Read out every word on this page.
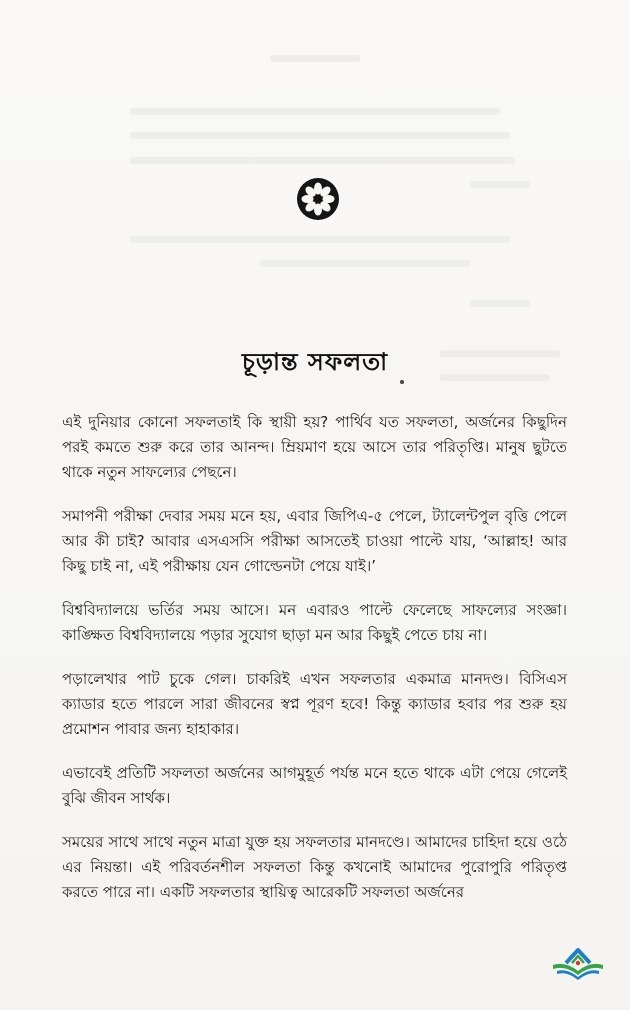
চূড়ান্ত সফলতা

এই দুনিয়ার কোনো সফলতাই কি স্থায়ী হয়? পার্থিব যত সফলতা, অর্জনের কিছুদিন পরই কমতে শুরু করে তার আনন্দ। ম্রিয়মাণ হয়ে আসে তার পরিতৃপ্তি। মানুষ ছুটতে থাকে নতুন সাফল্যের পেছনে।

সমাপনী পরীক্ষা দেবার সময় মনে হয়, এবার জিপিএ-৫ পেলে, ট্যালেন্টপুল বৃত্তি পেলে আর কী চাই? আবার এসএসসি পরীক্ষা আসতেই চাওয়া পাল্টে যায়, ‘আল্লাহ! আর কিছু চাই না, এই পরীক্ষায় যেন গোল্ডেনটা পেয়ে যাই।’

বিশ্ববিদ্যালয়ে ভর্তির সময় আসে। মন এবারও পাল্টে ফেলেছে সাফল্যের সংজ্ঞা। কাঙ্ক্ষিত বিশ্ববিদ্যালয়ে পড়ার সুযোগ ছাড়া মন আর কিছুই পেতে চায় না।

পড়ালেখার পাট চুকে গেল। চাকরিই এখন সফলতার একমাত্র মানদণ্ড। বিসিএস ক্যাডার হতে পারলে সারা জীবনের স্বপ্ন পূরণ হবে! কিন্তু ক্যাডার হবার পর শুরু হয় প্রমোশন পাবার জন্য হাহাকার।

এভাবেই প্রতিটি সফলতা অর্জনের আগমুহূর্ত পর্যন্ত মনে হতে থাকে এটা পেয়ে গেলেই বুঝি জীবন সার্থক।

সময়ের সাথে সাথে নতুন মাত্রা যুক্ত হয় সফলতার মানদণ্ডে। আমাদের চাহিদা হয়ে ওঠে এর নিয়ন্তা। এই পরিবর্তনশীল সফলতা কিন্তু কখনোই আমাদের পুরোপুরি পরিতৃপ্ত করতে পারে না। একটি সফলতার স্থায়িত্ব আরেকটি সফলতা অর্জনের
